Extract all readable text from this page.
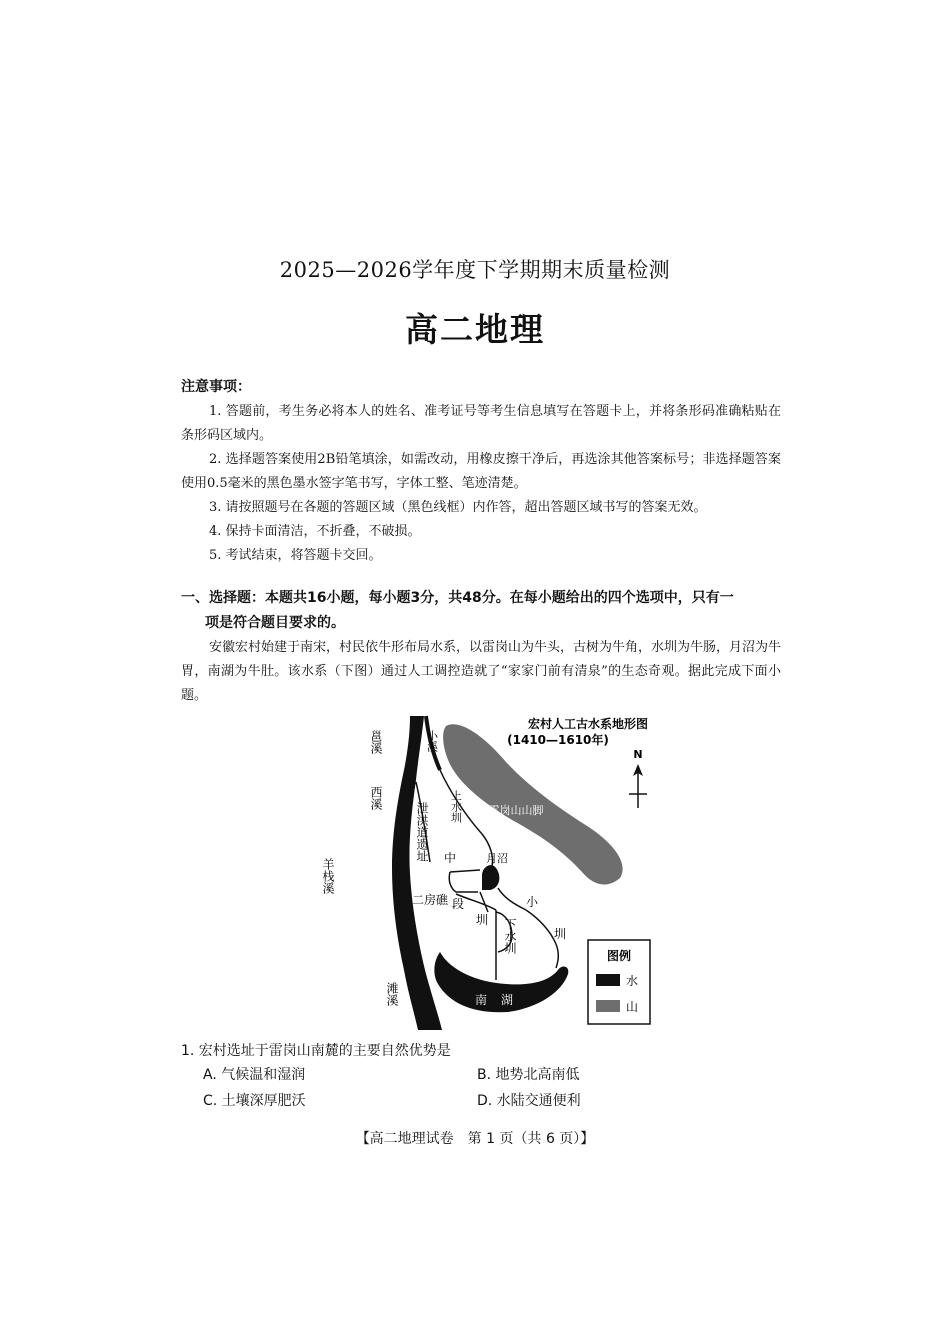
2025—2026学年度下学期期末质量检测
高二地理
注意事项：
1. 答题前，考生务必将本人的姓名、准考证号等考生信息填写在答题卡上，并将条形码准确粘贴在条形码区域内。
2. 选择题答案使用2B铅笔填涂，如需改动，用橡皮擦干净后，再选涂其他答案标号；非选择题答案使用0.5毫米的黑色墨水签字笔书写，字体工整、笔迹清楚。
3. 请按照题号在各题的答题区域（黑色线框）内作答，超出答题区域书写的答案无效。
4. 保持卡面清洁，不折叠，不破损。
5. 考试结束，将答题卡交回。
一、选择题：本题共16小题，每小题3分，共48分。在每小题给出的四个选项中，只有一
项是符合题目要求的。
安徽宏村始建于南宋，村民依牛形布局水系，以雷岗山为牛头，古树为牛角，水圳为牛肠，月沼为牛胃，南湖为牛肚。该水系（下图）通过人工调控造就了“家家门前有清泉”的生态奇观。据此完成下面小题。
N
宏村人工古水系地形图
(1410—1610年)
邕溪	小溪
西溪
雷岗山山脚
上水圳
泄洪道遗址 中	月沼
二房礁 段
圳
羊栈溪
小
圳
下水圳
滩溪	南湖
图例
水
山
1. 宏村选址于雷岗山南麓的主要自然优势是
A. 气候温和湿润	B. 地势北高南低
C. 土壤深厚肥沃	D. 水陆交通便利
【高二地理试卷　第 1 页（共 6 页）】
